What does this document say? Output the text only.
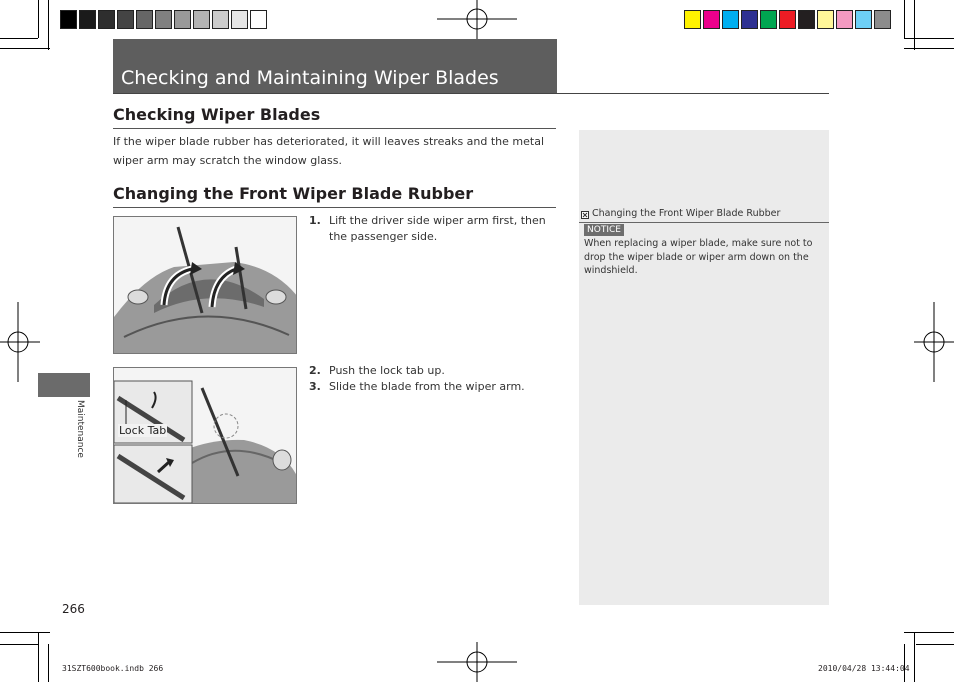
Checking and Maintaining Wiper Blades
Checking Wiper Blades
If the wiper blade rubber has deteriorated, it will leaves streaks and the metal wiper arm may scratch the window glass.
Changing the Front Wiper Blade Rubber
Lock Tab
1. Lift the driver side wiper arm first, then the passenger side.
2. Push the lock tab up.
3. Slide the blade from the wiper arm.
Changing the Front Wiper Blade Rubber
NOTICE
When replacing a wiper blade, make sure not to drop the wiper blade or wiper arm down on the windshield.
Maintenance
266
31SZT600book.indb 266	2010/04/28 13:44:04
